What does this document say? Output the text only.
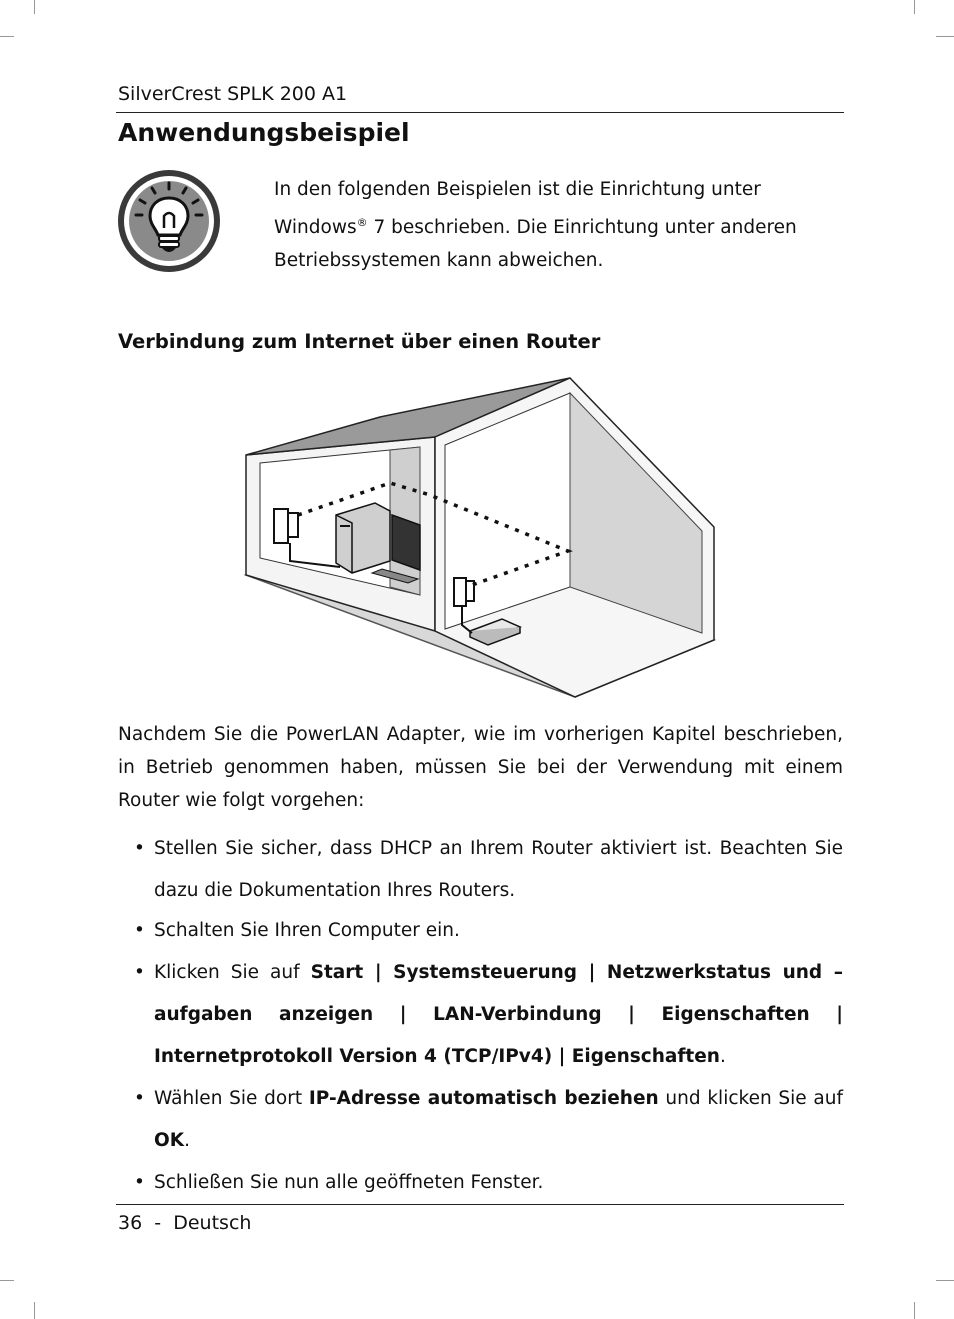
SilverCrest SPLK 200 A1
Anwendungsbeispiel
In den folgenden Beispielen ist die Einrichtung unter
Windows® 7 beschrieben. Die Einrichtung unter anderen
Betriebssystemen kann abweichen.
Verbindung zum Internet über einen Router
Nachdem Sie die PowerLAN Adapter, wie im vorherigen Kapitel beschrieben, in Betrieb genommen haben, müssen Sie bei der Verwendung mit einem Router wie folgt vorgehen:
• Stellen Sie sicher, dass DHCP an Ihrem Router aktiviert ist. Beachten Sie dazu die Dokumentation Ihres Routers.
• Schalten Sie Ihren Computer ein.
• Klicken Sie auf Start | Systemsteuerung | Netzwerkstatus und –aufgaben anzeigen | LAN-Verbindung | Eigenschaften | Internetprotokoll Version 4 (TCP/IPv4) | Eigenschaften.
• Wählen Sie dort IP-Adresse automatisch beziehen und klicken Sie auf OK.
• Schließen Sie nun alle geöffneten Fenster.
36 - Deutsch
